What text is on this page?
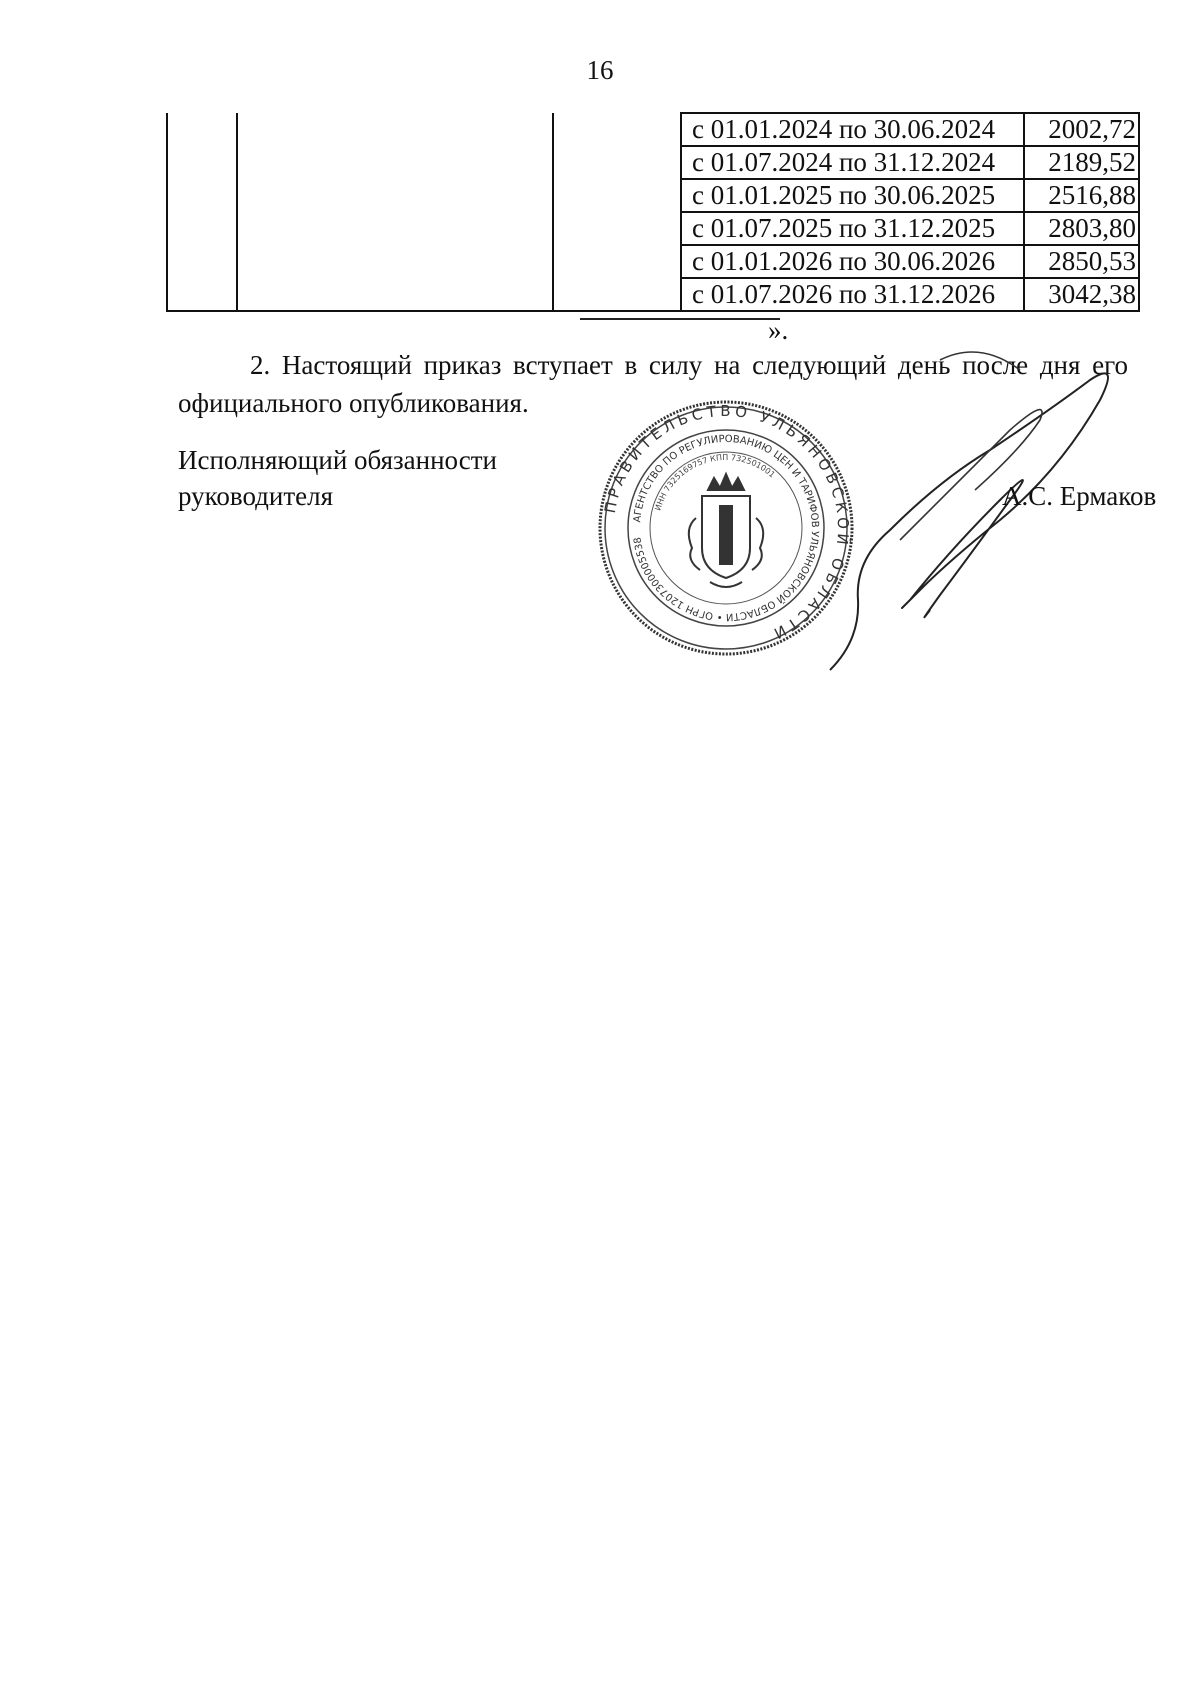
16
			с 01.01.2024 по 30.06.2024	2002,72
			с 01.07.2024 по 31.12.2024	2189,52
			с 01.01.2025 по 30.06.2025	2516,88
			с 01.07.2025 по 31.12.2025	2803,80
			с 01.01.2026 по 30.06.2026	2850,53
			с 01.07.2026 по 31.12.2026	3042,38
».

2. Настоящий приказ вступает в силу на следующий день после дня его официального опубликования.

Исполняющий обязанности
руководителя	ПРАВИТЕЛЬСТВО УЛЬЯНОВСКОЙ ОБЛАСТИ
АГЕНТСТВО ПО РЕГУЛИРОВАНИЮ ЦЕН И ТАРИФОВ УЛЬЯНОВСКОЙ ОБЛАСТИ • ОГРН 1207300005538
ИНН 7325169757 КПП 732501001
А.С. Ермаков
